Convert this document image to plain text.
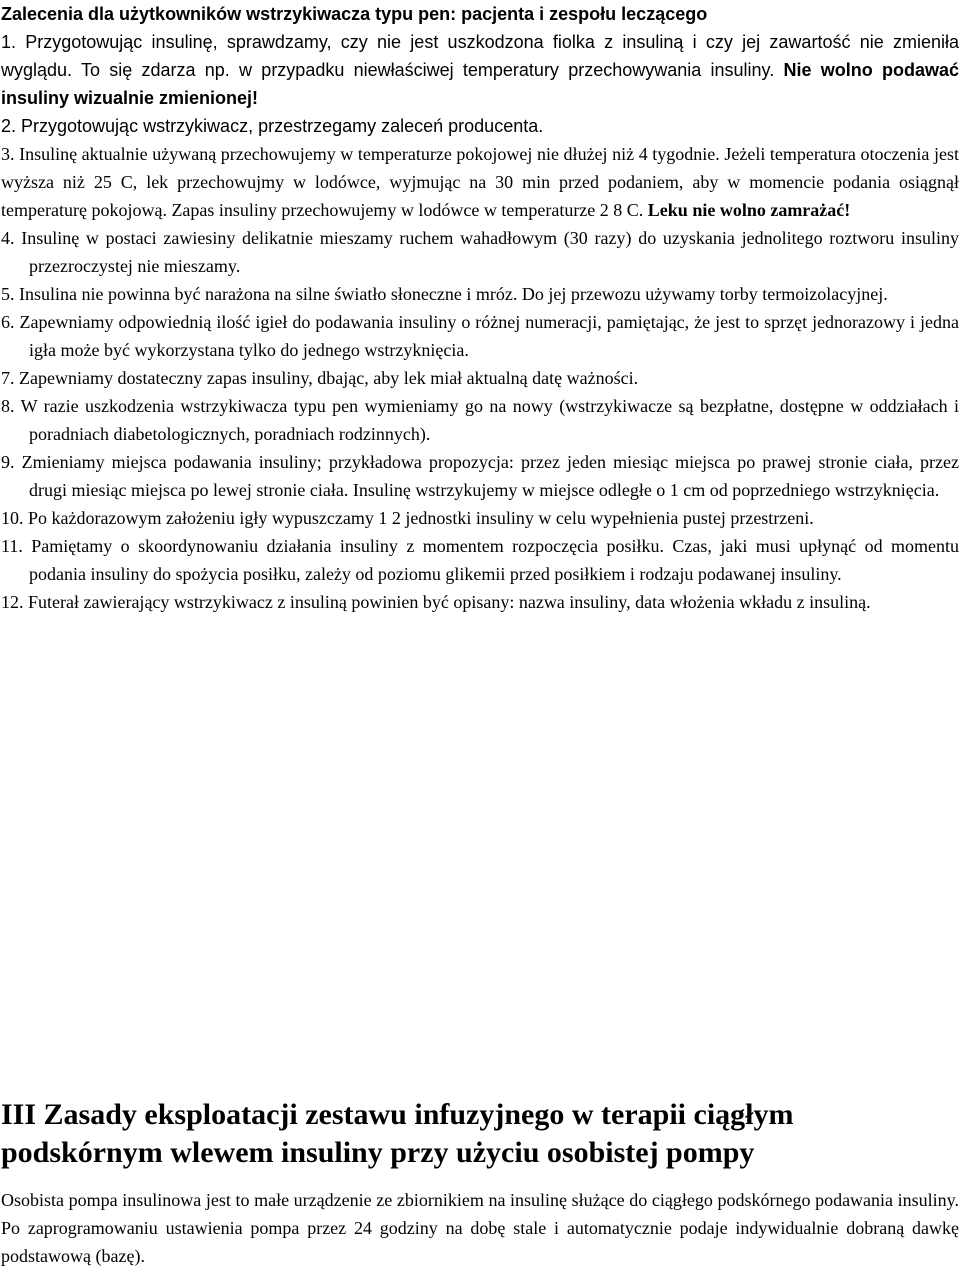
Zalecenia dla użytkowników wstrzykiwacza typu pen: pacjenta i zespołu leczącego

1. Przygotowując insulinę, sprawdzamy, czy nie jest uszkodzona fiolka z insuliną i czy jej zawartość nie zmieniła wyglądu. To się zdarza np. w przypadku niewłaściwej temperatury przechowywania insuliny. Nie wolno podawać insuliny wizualnie zmienionej!

2. Przygotowując wstrzykiwacz, przestrzegamy zaleceń producenta.

3. Insulinę aktualnie używaną przechowujemy w temperaturze pokojowej nie dłużej niż 4 tygodnie. Jeżeli temperatura otoczenia jest wyższa niż 25 C, lek przechowujmy w lodówce, wyjmując na 30 min przed podaniem, aby w momencie podania osiągnął temperaturę pokojową. Zapas insuliny przechowujemy w lodówce w temperaturze 2 8 C. Leku nie wolno zamrażać!

4. Insulinę w postaci zawiesiny delikatnie mieszamy ruchem wahadłowym (30 razy) do uzyskania jednolitego roztworu insuliny przezroczystej nie mieszamy.

5. Insulina nie powinna być narażona na silne światło słoneczne i mróz. Do jej przewozu używamy torby termoizolacyjnej.

6. Zapewniamy odpowiednią ilość igieł do podawania insuliny o różnej numeracji, pamiętając, że jest to sprzęt jednorazowy i jedna igła może być wykorzystana tylko do jednego wstrzyknięcia.

7. Zapewniamy dostateczny zapas insuliny, dbając, aby lek miał aktualną datę ważności.

8. W razie uszkodzenia wstrzykiwacza typu pen wymieniamy go na nowy (wstrzykiwacze są bezpłatne, dostępne w oddziałach i poradniach diabetologicznych, poradniach rodzinnych).

9. Zmieniamy miejsca podawania insuliny; przykładowa propozycja: przez jeden miesiąc miejsca po prawej stronie ciała, przez drugi miesiąc miejsca po lewej stronie ciała. Insulinę wstrzykujemy w miejsce odległe o 1 cm od poprzedniego wstrzyknięcia.

10. Po każdorazowym założeniu igły wypuszczamy 1 2 jednostki insuliny w celu wypełnienia pustej przestrzeni.

11. Pamiętamy o skoordynowaniu działania insuliny z momentem rozpoczęcia posiłku. Czas, jaki musi upłynąć od momentu podania insuliny do spożycia posiłku, zależy od poziomu glikemii przed posiłkiem i rodzaju podawanej insuliny.

12. Futerał zawierający wstrzykiwacz z insuliną powinien być opisany: nazwa insuliny, data włożenia wkładu z insuliną.

III Zasady eksploatacji zestawu infuzyjnego w terapii ciągłym podskórnym wlewem insuliny przy użyciu osobistej pompy

Osobista pompa insulinowa jest to małe urządzenie ze zbiornikiem na insulinę służące do ciągłego podskórnego podawania insuliny. Po zaprogramowaniu ustawienia pompa przez 24 godziny na dobę stale i automatycznie podaje indywidualnie dobraną dawkę podstawową (bazę).
